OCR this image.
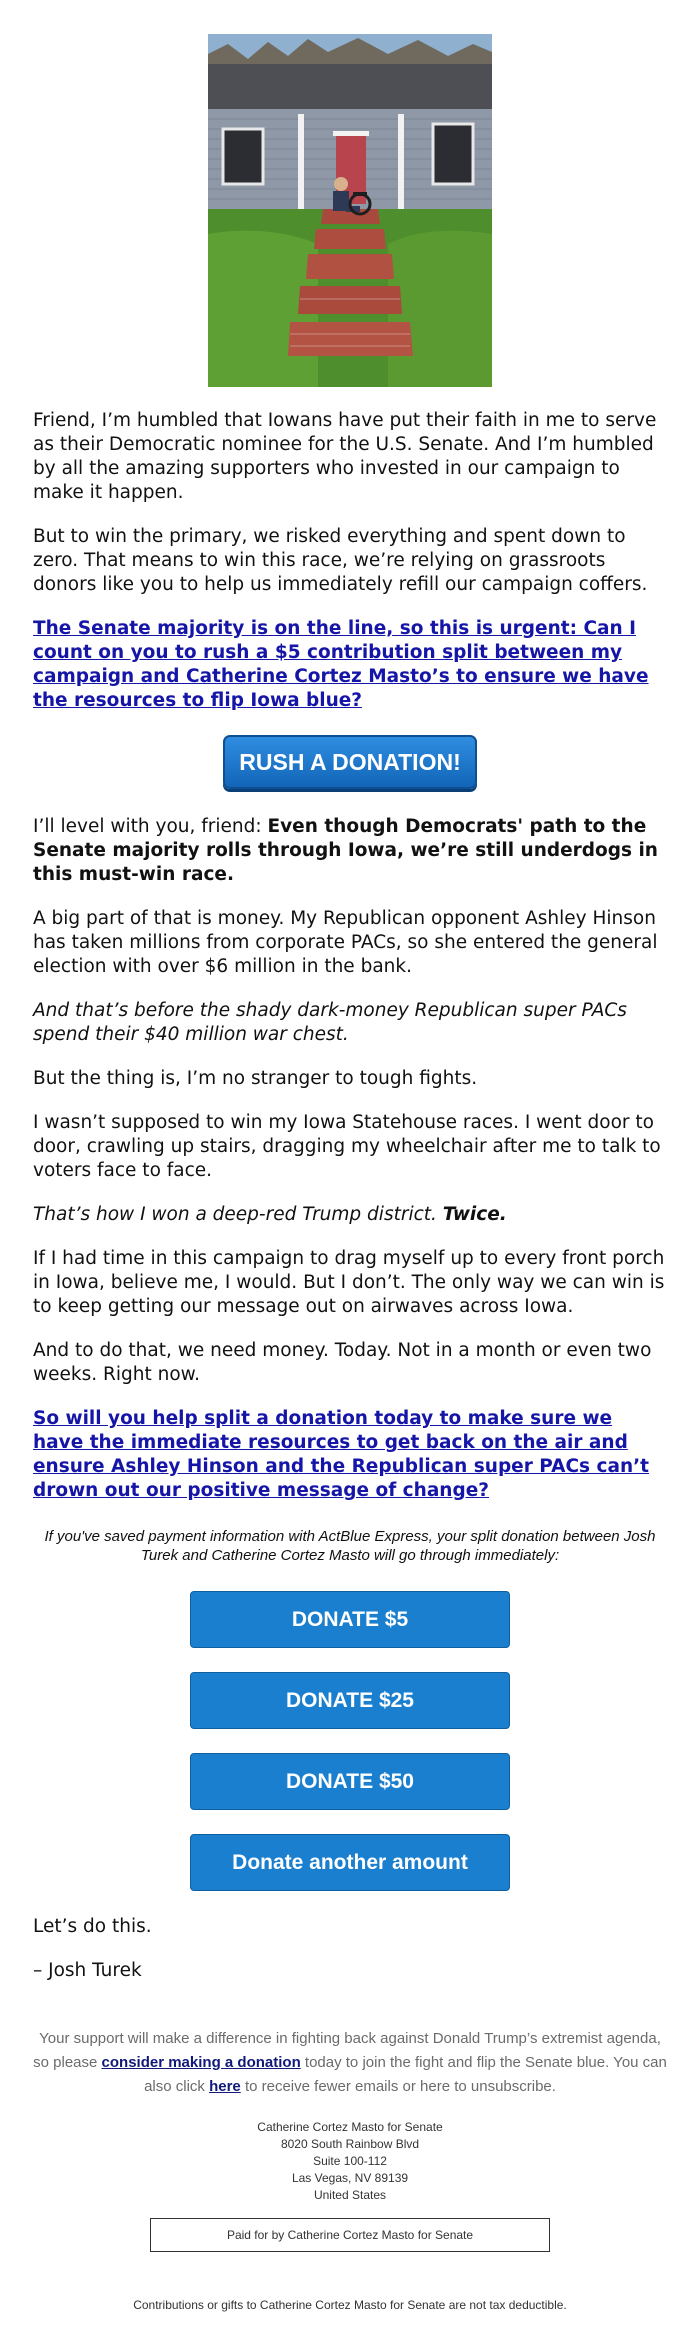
Friend, I’m humbled that Iowans have put their faith in me to serve as their Democratic nominee for the U.S. Senate. And I’m humbled by all the amazing supporters who invested in our campaign to make it happen.

But to win the primary, we risked everything and spent down to zero. That means to win this race, we’re relying on grassroots donors like you to help us immediately refill our campaign coffers.

The Senate majority is on the line, so this is urgent: Can I count on you to rush a $5 contribution split between my campaign and Catherine Cortez Masto’s to ensure we have the resources to flip Iowa blue?
RUSH A DONATION!

I’ll level with you, friend: Even though Democrats' path to the Senate majority rolls through Iowa, we’re still underdogs in this must-win race.

A big part of that is money. My Republican opponent Ashley Hinson has taken millions from corporate PACs, so she entered the general election with over $6 million in the bank.

And that’s before the shady dark-money Republican super PACs spend their $40 million war chest.

But the thing is, I’m no stranger to tough fights.

I wasn’t supposed to win my Iowa Statehouse races. I went door to door, crawling up stairs, dragging my wheelchair after me to talk to voters face to face.

That’s how I won a deep-red Trump district. Twice.

If I had time in this campaign to drag myself up to every front porch in Iowa, believe me, I would. But I don’t. The only way we can win is to keep getting our message out on airwaves across Iowa.

And to do that, we need money. Today. Not in a month or even two weeks. Right now.

So will you help split a donation today to make sure we have the immediate resources to get back on the air and ensure Ashley Hinson and the Republican super PACs can’t drown out our positive message of change?

If you've saved payment information with ActBlue Express, your split donation between Josh Turek and Catherine Cortez Masto will go through immediately:

DONATE $5
DONATE $25
DONATE $50
Donate another amount

Let’s do this.

– Josh Turek

Your support will make a difference in fighting back against Donald Trump’s extremist agenda, so please consider making a donation today to join the fight and flip the Senate blue. You can also click here to receive fewer emails or here to unsubscribe.
Catherine Cortez Masto for Senate
8020 South Rainbow Blvd
Suite 100-112
Las Vegas, NV 89139
United States
Paid for by Catherine Cortez Masto for Senate
Contributions or gifts to Catherine Cortez Masto for Senate are not tax deductible.
